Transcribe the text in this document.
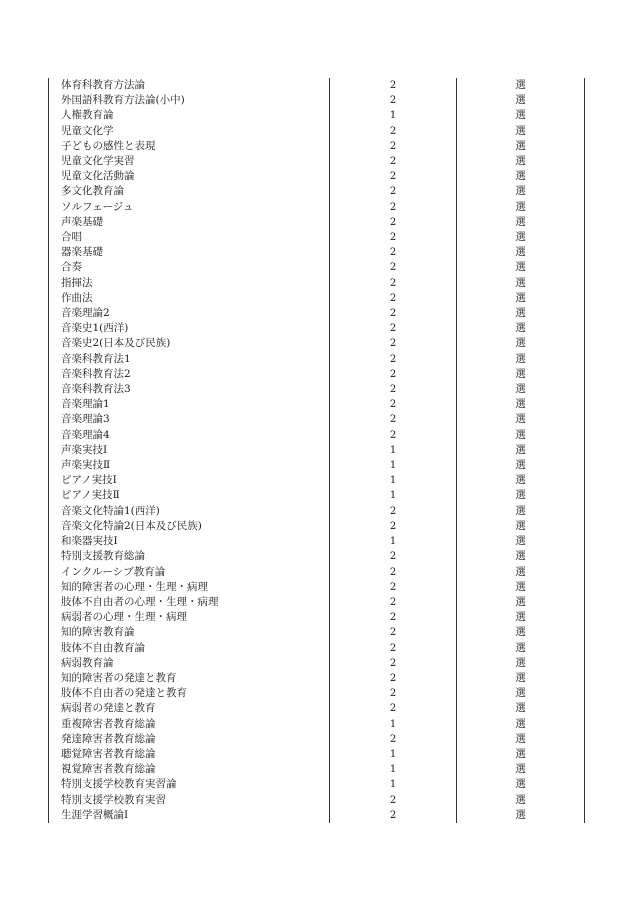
体育科教育方法論	2	選
外国語科教育方法論(小中)	2	選
人権教育論	1	選
児童文化学	2	選
子どもの感性と表現	2	選
児童文化学実習	2	選
児童文化活動論	2	選
多文化教育論	2	選
ソルフェージュ	2	選
声楽基礎	2	選
合唱	2	選
器楽基礎	2	選
合奏	2	選
指揮法	2	選
作曲法	2	選
音楽理論2	2	選
音楽史1(西洋)	2	選
音楽史2(日本及び民族)	2	選
音楽科教育法1	2	選
音楽科教育法2	2	選
音楽科教育法3	2	選
音楽理論1	2	選
音楽理論3	2	選
音楽理論4	2	選
声楽実技Ⅰ	1	選
声楽実技Ⅱ	1	選
ピアノ実技Ⅰ	1	選
ピアノ実技Ⅱ	1	選
音楽文化特論1(西洋)	2	選
音楽文化特論2(日本及び民族)	2	選
和楽器実技Ⅰ	1	選
特別支援教育総論	2	選
インクルーシブ教育論	2	選
知的障害者の心理・生理・病理	2	選
肢体不自由者の心理・生理・病理	2	選
病弱者の心理・生理・病理	2	選
知的障害教育論	2	選
肢体不自由教育論	2	選
病弱教育論	2	選
知的障害者の発達と教育	2	選
肢体不自由者の発達と教育	2	選
病弱者の発達と教育	2	選
重複障害者教育総論	1	選
発達障害者教育総論	2	選
聴覚障害者教育総論	1	選
視覚障害者教育総論	1	選
特別支援学校教育実習論	1	選
特別支援学校教育実習	2	選
生涯学習概論Ⅰ	2	選
